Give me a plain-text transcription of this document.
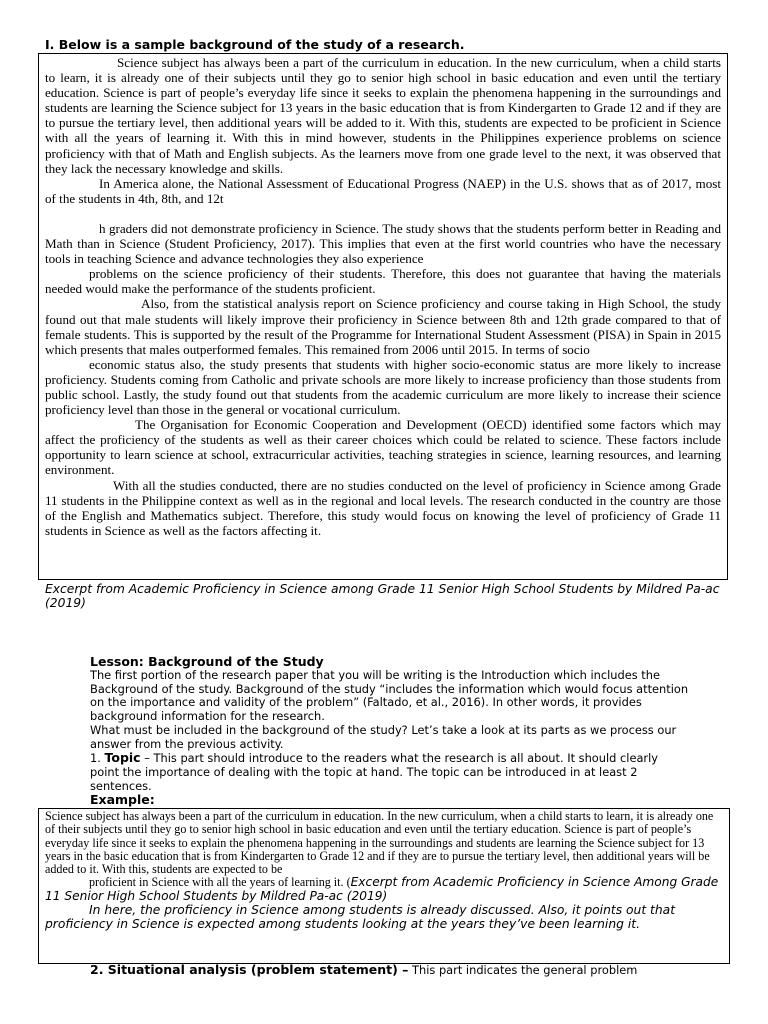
I. Below is a sample background of the study of a research.

Science subject has always been a part of the curriculum in education. In the new curriculum, when a child starts to learn, it is already one of their subjects until they go to senior high school in basic education and even until the tertiary education. Science is part of people’s everyday life since it seeks to explain the phenomena happening in the surroundings and students are learning the Science subject for 13 years in the basic education that is from Kindergarten to Grade 12 and if they are to pursue the tertiary level, then additional years will be added to it. With this, students are expected to be proficient in Science with all the years of learning it. With this in mind however, students in the Philippines experience problems on science proficiency with that of Math and English subjects. As the learners move from one grade level to the next, it was observed that they lack the necessary knowledge and skills.

In America alone, the National Assessment of Educational Progress (NAEP) in the U.S. shows that as of 2017, most of the students in 4th, 8th, and 12t

h graders did not demonstrate proficiency in Science. The study shows that the students perform better in Reading and Math than in Science (Student Proficiency, 2017). This implies that even at the first world countries who have the necessary tools in teaching Science and advance technologies they also experience

problems on the science proficiency of their students. Therefore, this does not guarantee that having the materials needed would make the performance of the students proficient.

Also, from the statistical analysis report on Science proficiency and course taking in High School, the study found out that male students will likely improve their proficiency in Science between 8th and 12th grade compared to that of female students. This is supported by the result of the Programme for International Student Assessment (PISA) in Spain in 2015 which presents that males outperformed females. This remained from 2006 until 2015. In terms of socio

economic status also, the study presents that students with higher socio-economic status are more likely to increase proficiency. Students coming from Catholic and private schools are more likely to increase proficiency than those students from public school. Lastly, the study found out that students from the academic curriculum are more likely to increase their science proficiency level than those in the general or vocational curriculum.

The Organisation for Economic Cooperation and Development (OECD) identified some factors which may affect the proficiency of the students as well as their career choices which could be related to science. These factors include opportunity to learn science at school, extracurricular activities, teaching strategies in science, learning resources, and learning environment.

With all the studies conducted, there are no studies conducted on the level of proficiency in Science among Grade 11 students in the Philippine context as well as in the regional and local levels. The research conducted in the country are those of the English and Mathematics subject. Therefore, this study would focus on knowing the level of proficiency of Grade 11 students in Science as well as the factors affecting it.

Excerpt from Academic Proficiency in Science among Grade 11 Senior High School Students by Mildred Pa-ac (2019)

Lesson: Background of the Study

The first portion of the research paper that you will be writing is the Introduction which includes the Background of the study. Background of the study “includes the information which would focus attention on the importance and validity of the problem” (Faltado, et al., 2016). In other words, it provides background information for the research.

What must be included in the background of the study? Let’s take a look at its parts as we process our answer from the previous activity.

1. Topic – This part should introduce to the readers what the research is all about. It should clearly point the importance of dealing with the topic at hand. The topic can be introduced in at least 2 sentences.

Example:

Science subject has always been a part of the curriculum in education. In the new curriculum, when a child starts to learn, it is already one of their subjects until they go to senior high school in basic education and even until the tertiary education. Science is part of people’s everyday life since it seeks to explain the phenomena happening in the surroundings and students are learning the Science subject for 13 years in the basic education that is from Kindergarten to Grade 12 and if they are to pursue the tertiary level, then additional years will be added to it. With this, students are expected to be

proficient in Science with all the years of learning it. (Excerpt from Academic Proficiency in Science Among Grade 11 Senior High School Students by Mildred Pa-ac (2019)

In here, the proficiency in Science among students is already discussed. Also, it points out that proficiency in Science is expected among students looking at the years they’ve been learning it.

2. Situational analysis (problem statement) – This part indicates the general problem
